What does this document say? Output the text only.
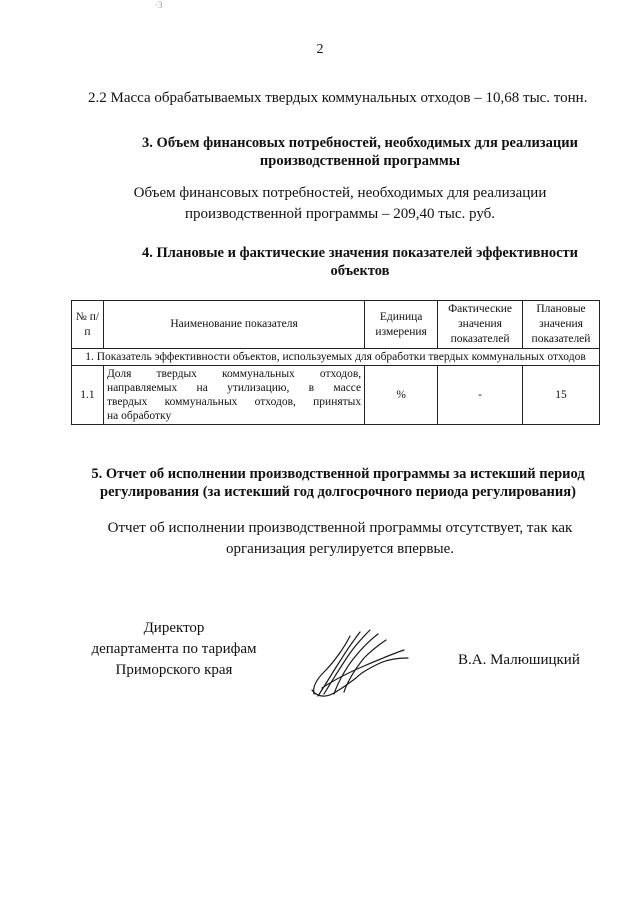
·3
2
2.2 Масса обрабатываемых твердых коммунальных отходов – 10,68 тыс. тонн.
3. Объем финансовых потребностей, необходимых для реализации
производственной программы
Объем финансовых потребностей, необходимых для реализации
производственной программы – 209,40 тыс. руб.
4. Плановые и фактические значения показателей эффективности
объектов
№ п/п	Наименование показателя	Единица измерения	Фактические значения показателей	Плановые значения показателей
1. Показатель эффективности объектов, используемых для обработки твердых коммунальных отходов				
1.1	Доля твердых коммунальных отходов,
направляемых на утилизацию, в массе
твердых коммунальных отходов, принятых
на обработку	%	-	15
5. Отчет об исполнении производственной программы за истекший период
регулирования (за истекший год долгосрочного периода регулирования)
Отчет об исполнении производственной программы отсутствует, так как
организация регулируется впервые.
Директор
департамента по тарифам
Приморского края
В.А. Малюшицкий
